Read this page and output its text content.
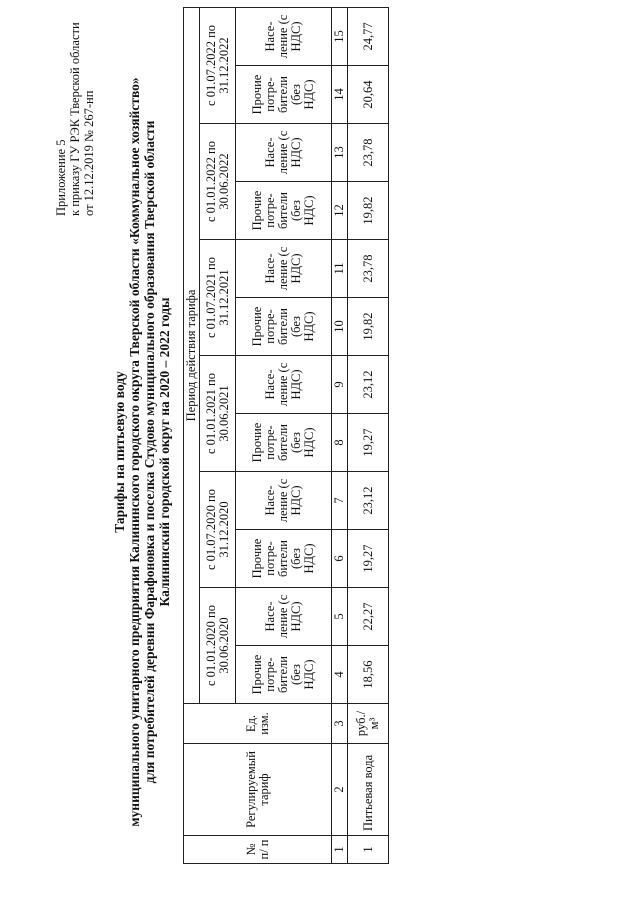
Приложение 5 к приказу ГУ РЭК Тверской области от 12.12.2019 № 267-нп
Тарифы на питьевую воду муниципального унитарного предприятия Калининского городского округа Тверской области «Коммунальное хозяйство» для потребителей деревни Фарафоновка и поселка Студово муниципального образования Тверской области Калининский городской округ на 2020 – 2022 годы
№ п/ п	Регулируемый тариф	Ед. изм.	Период действия тарифа											
			с 01.01.2020 по 30.06.2020		с 01.07.2020 по 31.12.2020		с 01.01.2021 по 30.06.2021		с 01.07.2021 по 31.12.2021		с 01.01.2022 по 30.06.2022		с 01.07.2022 по 31.12.2022	
			Прочие потре- бители (без НДС)	Насе- ление (с НДС)	Прочие потре- бители (без НДС)	Насе- ление (с НДС)	Прочие потре- бители (без НДС)	Насе- ление (с НДС)	Прочие потре- бители (без НДС)	Насе- ление (с НДС)	Прочие потре- бители (без НДС)	Насе- ление (с НДС)	Прочие потре- бители (без НДС)	Насе- ление (с НДС)
1	2	3	4	5	6	7	8	9	10	11	12	13	14	15
1	Питьевая вода	руб./м³	18,56	22,27	19,27	23,12	19,27	23,12	19,82	23,78	19,82	23,78	20,64	24,77
